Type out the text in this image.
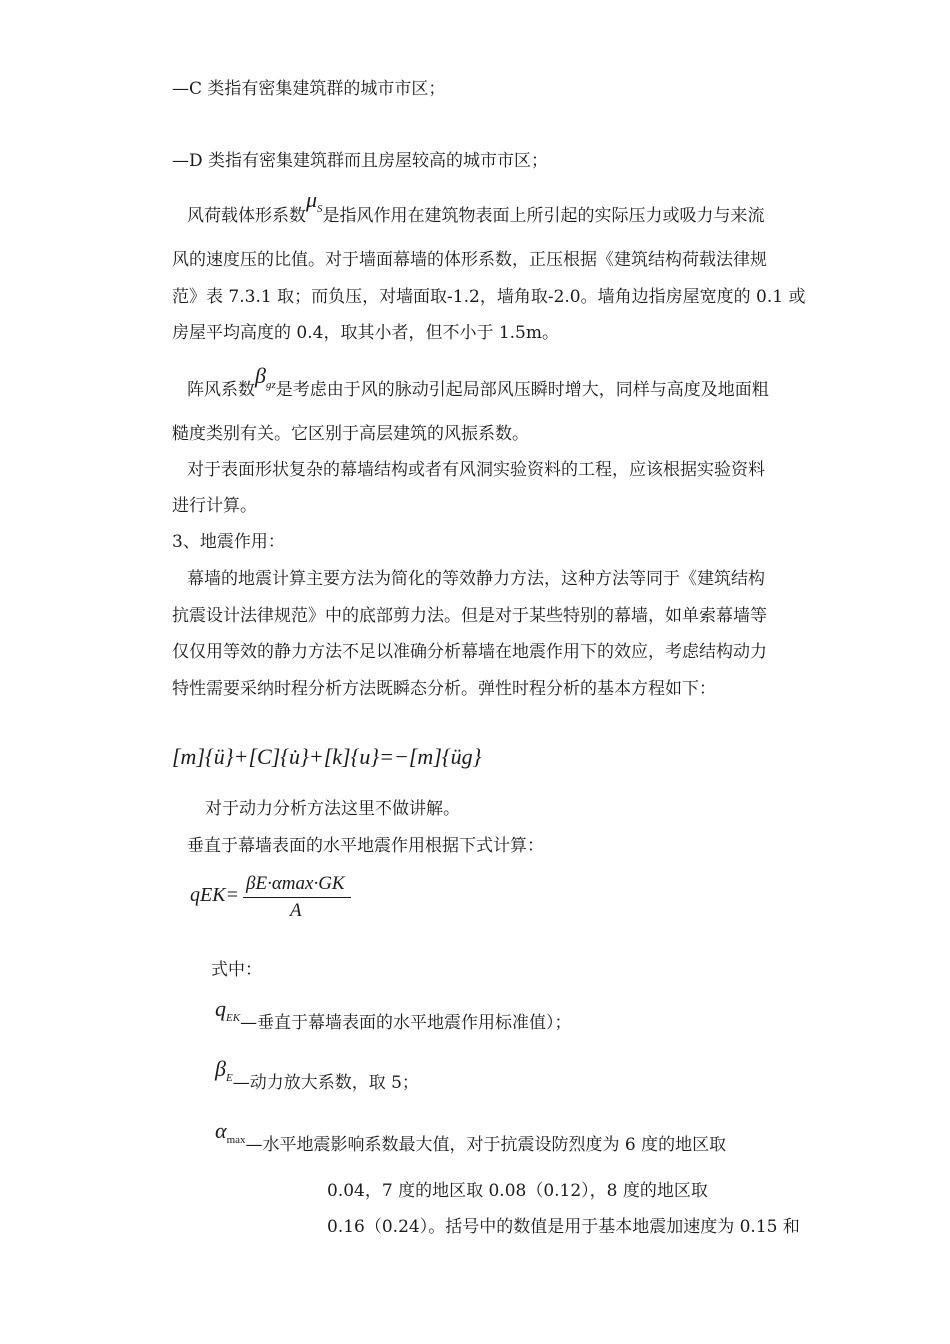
—C 类指有密集建筑群的城市市区；
—D 类指有密集建筑群而且房屋较高的城市市区；
风荷载体形系数$\mu_S$是指风作用在建筑物表面上所引起的实际压力或吸力与来流
风的速度压的比值。对于墙面幕墙的体形系数，正压根据《建筑结构荷载法律规
范》表 7.3.1 取；而负压，对墙面取-1.2，墙角取-2.0。墙角边指房屋宽度的 0.1 或
房屋平均高度的 0.4，取其小者，但不小于 1.5m。
阵风系数$\beta_{gz}$是考虑由于风的脉动引起局部风压瞬时增大，同样与高度及地面粗
糙度类别有关。它区别于高层建筑的风振系数。
对于表面形状复杂的幕墙结构或者有风洞实验资料的工程，应该根据实验资料
进行计算。
3、地震作用：
幕墙的地震计算主要方法为简化的等效静力方法，这种方法等同于《建筑结构
抗震设计法律规范》中的底部剪力法。但是对于某些特别的幕墙，如单索幕墙等
仅仅用等效的静力方法不足以准确分析幕墙在地震作用下的效应，考虑结构动力
特性需要采纳时程分析方法既瞬态分析。弹性时程分析的基本方程如下：
[m]{ü}+[C]{u̇}+[k]{u}=−[m]{üg}
对于动力分析方法这里不做讲解。
垂直于幕墙表面的水平地震作用根据下式计算：
qEK=
βE·αmax·GK
A
式中：
$q_{EK}—$垂直于幕墙表面的水平地震作用标准值）；
$\beta_E—$动力放大系数，取 5；
$\alpha_{max}—$水平地震影响系数最大值，对于抗震设防烈度为 6 度的地区取
0.04，7 度的地区取 0.08（0.12），8 度的地区取
0.16（0.24）。括号中的数值是用于基本地震加速度为 0.15 和
